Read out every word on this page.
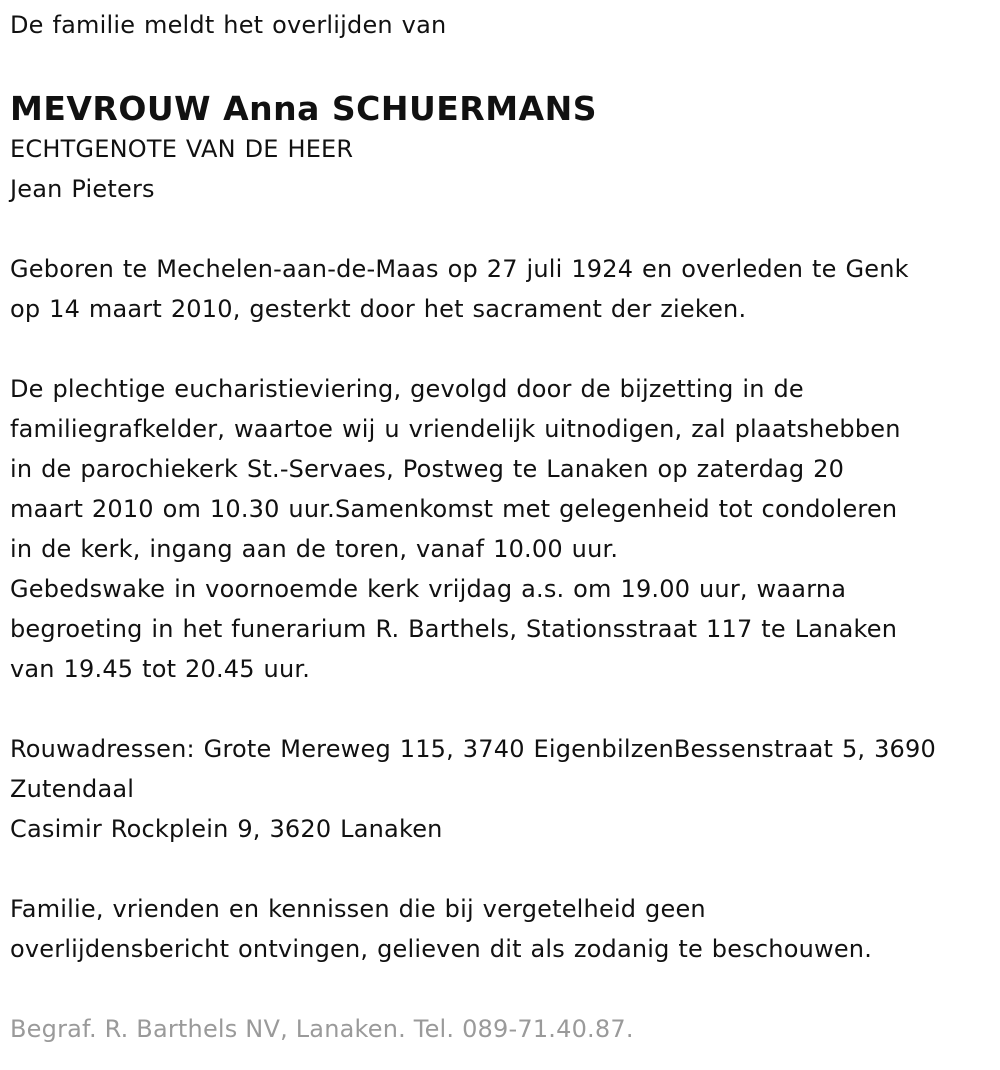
De familie meldt het overlijden van
MEVROUW Anna SCHUERMANS
ECHTGENOTE VAN DE HEER
Jean Pieters
Geboren te Mechelen-aan-de-Maas op 27 juli 1924 en overleden te Genk
op 14 maart 2010, gesterkt door het sacrament der zieken.
De plechtige eucharistieviering, gevolgd door de bijzetting in de
familiegrafkelder, waartoe wij u vriendelijk uitnodigen, zal plaatshebben
in de parochiekerk St.-Servaes, Postweg te Lanaken op zaterdag 20
maart 2010 om 10.30 uur.Samenkomst met gelegenheid tot condoleren
in de kerk, ingang aan de toren, vanaf 10.00 uur.
Gebedswake in voornoemde kerk vrijdag a.s. om 19.00 uur, waarna
begroeting in het funerarium R. Barthels, Stationsstraat 117 te Lanaken
van 19.45 tot 20.45 uur.
Rouwadressen: Grote Mereweg 115, 3740 EigenbilzenBessenstraat 5, 3690
Zutendaal
Casimir Rockplein 9, 3620 Lanaken
Familie, vrienden en kennissen die bij vergetelheid geen
overlijdensbericht ontvingen, gelieven dit als zodanig te beschouwen.
Begraf. R. Barthels NV, Lanaken. Tel. 089-71.40.87.
